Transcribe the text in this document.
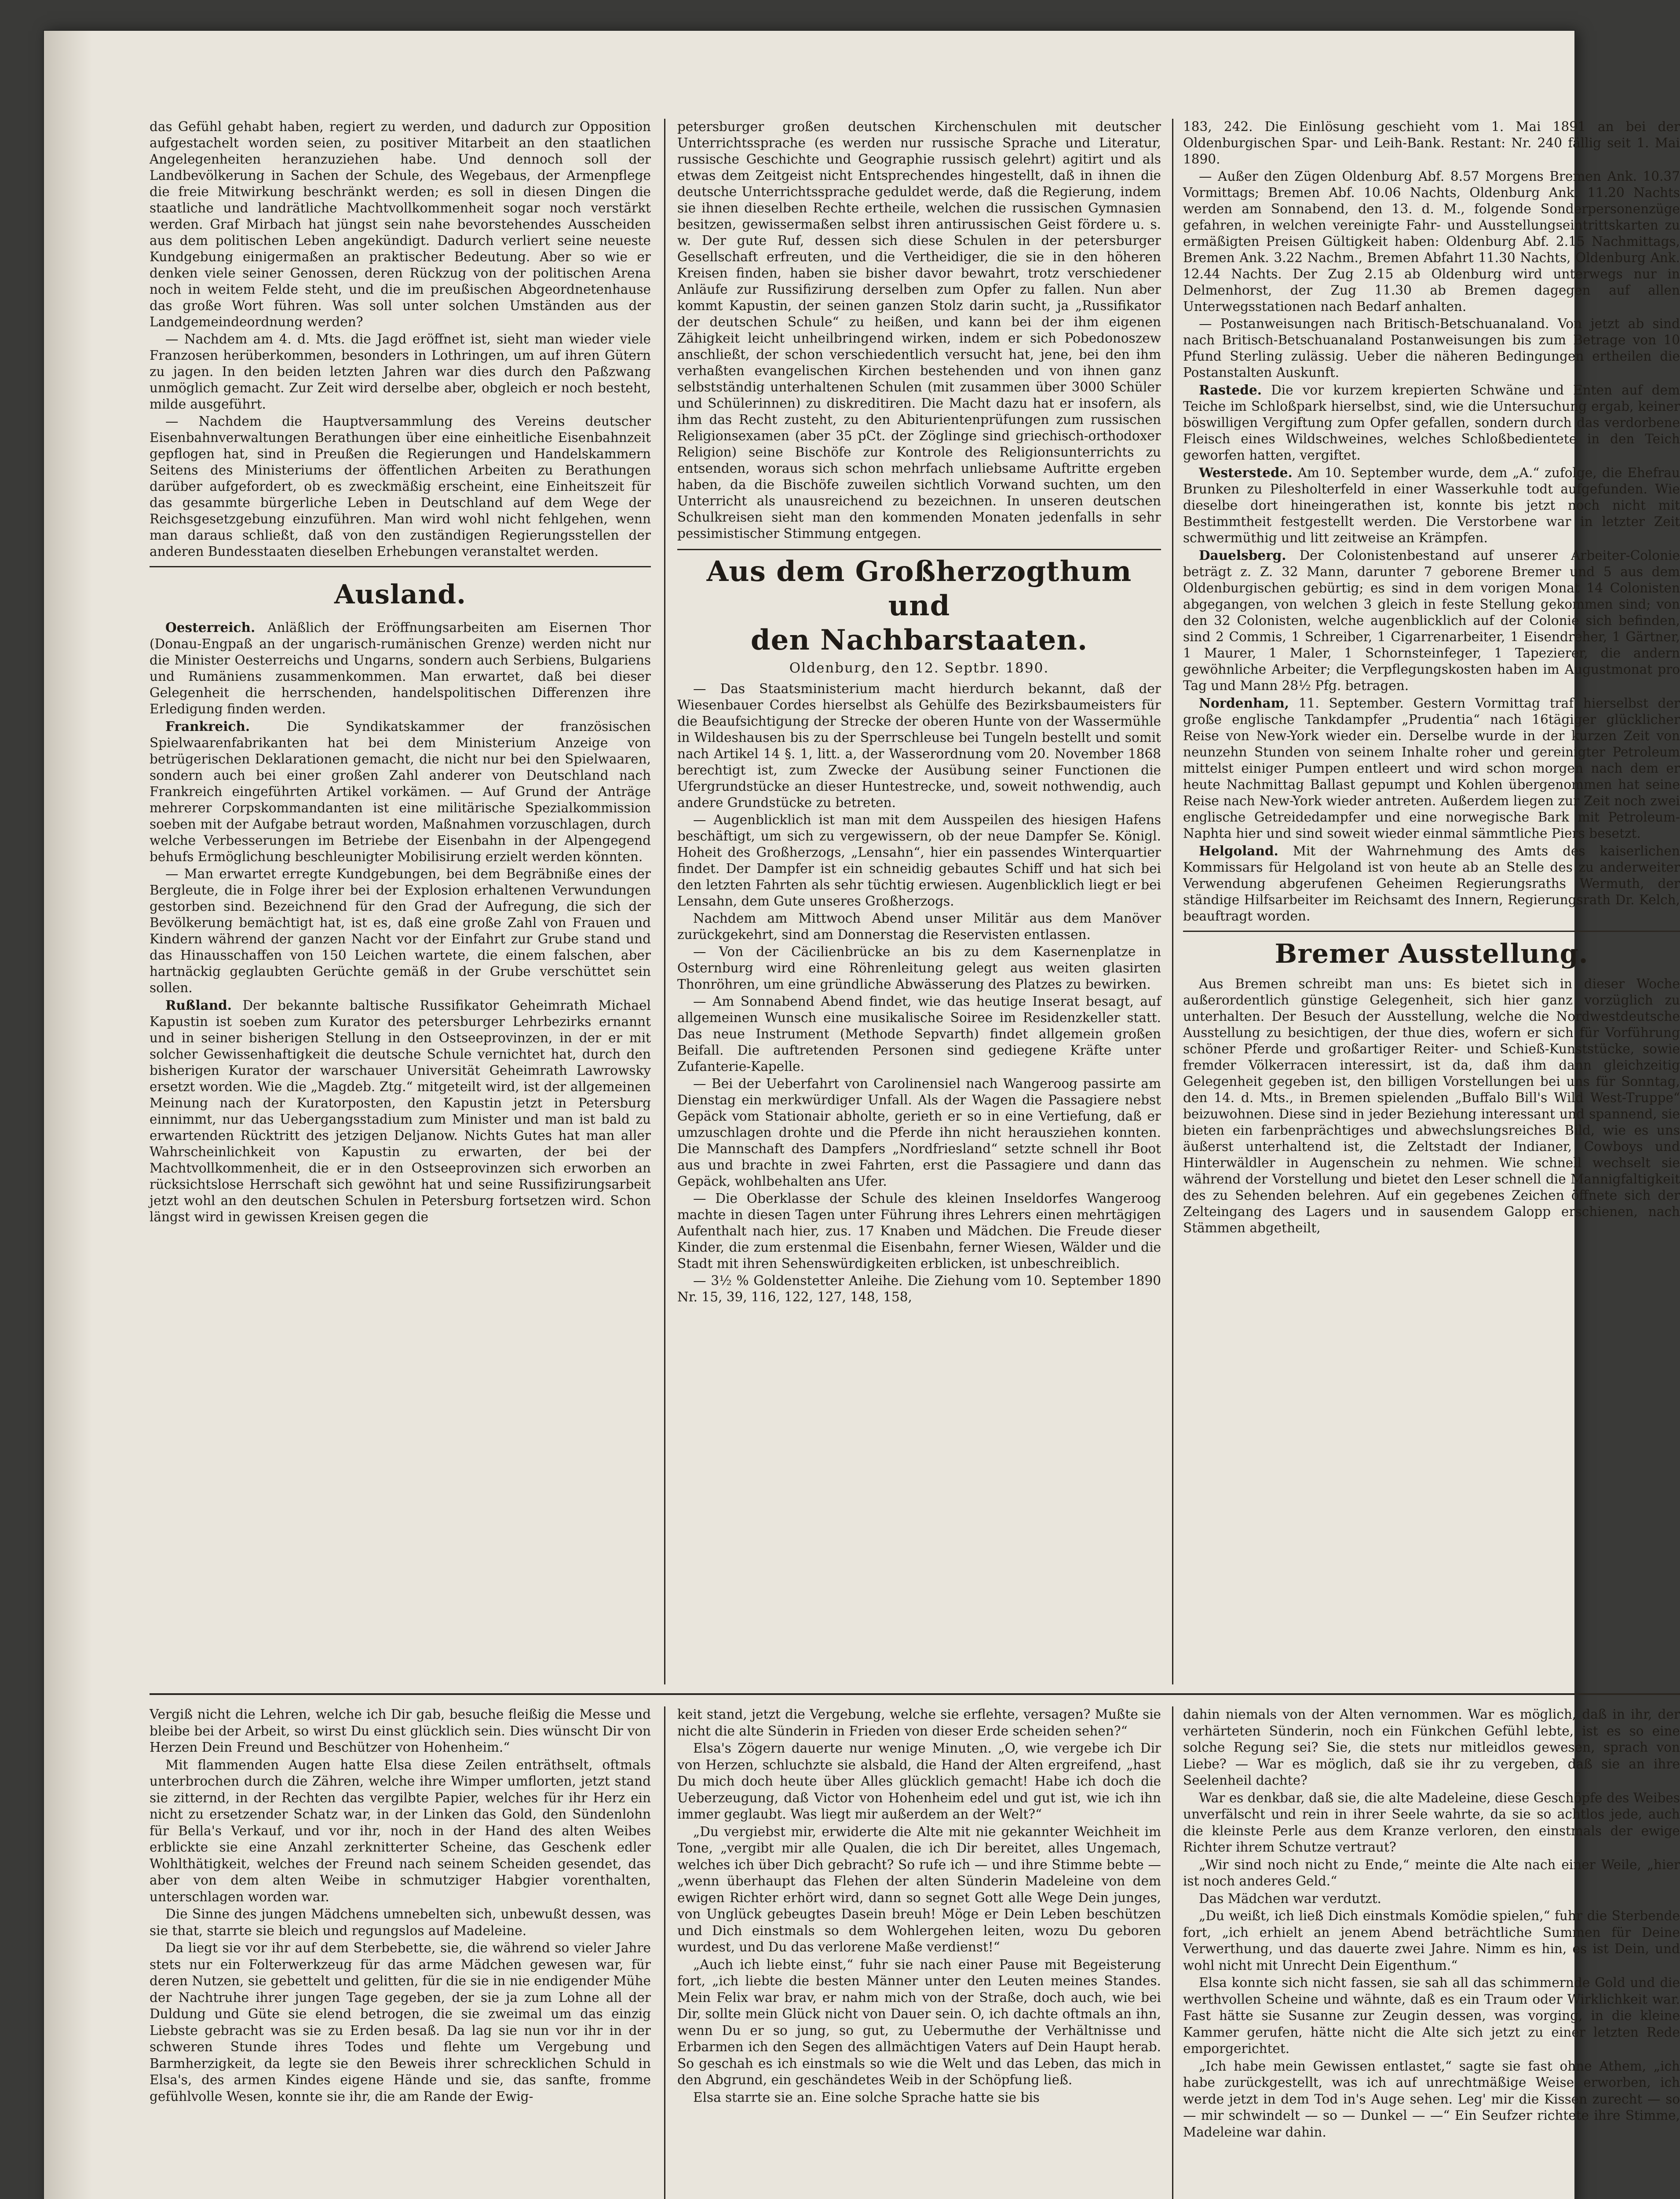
das Gefühl gehabt haben, regiert zu werden, und dadurch zur Opposition aufgestachelt worden seien, zu positiver Mitarbeit an den staatlichen Angelegenheiten heranzuziehen habe. Und dennoch soll der Landbevölkerung in Sachen der Schule, des Wegebaus, der Armenpflege die freie Mitwirkung beschränkt werden; es soll in diesen Dingen die staatliche und landrätliche Machtvollkommenheit sogar noch verstärkt werden. Graf Mirbach hat jüngst sein nahe bevorstehendes Ausscheiden aus dem politischen Leben angekündigt. Dadurch verliert seine neueste Kundgebung einigermaßen an praktischer Bedeutung. Aber so wie er denken viele seiner Genossen, deren Rückzug von der politischen Arena noch in weitem Felde steht, und die im preußischen Abgeordnetenhause das große Wort führen. Was soll unter solchen Umständen aus der Landgemeindeordnung werden?

— Nachdem am 4. d. Mts. die Jagd eröffnet ist, sieht man wieder viele Franzosen herüberkommen, besonders in Lothringen, um auf ihren Gütern zu jagen. In den beiden letzten Jahren war dies durch den Paßzwang unmöglich gemacht. Zur Zeit wird derselbe aber, obgleich er noch besteht, milde ausgeführt.

— Nachdem die Hauptversammlung des Vereins deutscher Eisenbahnverwaltungen Berathungen über eine einheitliche Eisenbahnzeit gepflogen hat, sind in Preußen die Regierungen und Handelskammern Seitens des Ministeriums der öffentlichen Arbeiten zu Berathungen darüber aufgefordert, ob es zweckmäßig erscheint, eine Einheitszeit für das gesammte bürgerliche Leben in Deutschland auf dem Wege der Reichsgesetzgebung einzuführen. Man wird wohl nicht fehlgehen, wenn man daraus schließt, daß von den zuständigen Regierungsstellen der anderen Bundesstaaten dieselben Erhebungen veranstaltet werden.

Ausland.

Oesterreich. Anläßlich der Eröffnungsarbeiten am Eisernen Thor (Donau-Engpaß an der ungarisch-rumänischen Grenze) werden nicht nur die Minister Oesterreichs und Ungarns, sondern auch Serbiens, Bulgariens und Rumäniens zusammenkommen. Man erwartet, daß bei dieser Gelegenheit die herrschenden, handelspolitischen Differenzen ihre Erledigung finden werden.

Frankreich.	Die Syndikatskammer der französischen Spielwaarenfabrikanten hat bei dem Ministerium Anzeige von betrügerischen Deklarationen gemacht, die nicht nur bei den Spielwaaren, sondern auch bei einer großen Zahl anderer von Deutschland nach Frankreich eingeführten Artikel vorkämen. — Auf Grund der Anträge mehrerer Corpskommandanten ist eine militärische Spezialkommission soeben mit der Aufgabe betraut worden, Maßnahmen vorzuschlagen, durch welche Verbesserungen im Betriebe der Eisenbahn in der Alpengegend behufs Ermöglichung beschleunigter Mobilisirung erzielt werden könnten.

— Man erwartet erregte Kundgebungen, bei dem Begräbniße eines der Bergleute, die in Folge ihrer bei der Explosion erhaltenen Verwundungen gestorben sind. Bezeichnend für den Grad der Aufregung, die sich der Bevölkerung bemächtigt hat, ist es, daß eine große Zahl von Frauen und Kindern während der ganzen Nacht vor der Einfahrt zur Grube stand und das Hinausschaffen von 150 Leichen wartete, die einem falschen, aber hartnäckig geglaubten Gerüchte gemäß in der Grube verschüttet sein sollen.

Rußland. Der bekannte baltische Russifikator Geheimrath Michael Kapustin ist soeben zum Kurator des petersburger Lehrbezirks ernannt und in seiner bisherigen Stellung in den Ostseeprovinzen, in der er mit solcher Gewissenhaftigkeit die deutsche Schule vernichtet hat, durch den bisherigen Kurator der warschauer Universität Geheimrath Lawrowsky ersetzt worden. Wie die „Magdeb. Ztg.“ mitgeteilt wird, ist der allgemeinen Meinung nach der Kuratorposten, den Kapustin jetzt in Petersburg einnimmt, nur das Uebergangsstadium zum Minister und man ist bald zu erwartenden Rücktritt des jetzigen Deljanow. Nichts Gutes hat man aller Wahrscheinlichkeit von Kapustin zu erwarten, der bei der Machtvollkommenheit, die er in den Ostseeprovinzen sich erworben an rücksichtslose Herrschaft sich gewöhnt hat und seine Russifizirungsarbeit jetzt wohl an den deutschen Schulen in Petersburg fortsetzen wird. Schon längst wird in gewissen Kreisen gegen die

petersburger großen deutschen Kirchenschulen mit deutscher Unterrichtssprache (es werden nur russische Sprache und Literatur, russische Geschichte und Geographie russisch gelehrt) agitirt und als etwas dem Zeitgeist nicht Entsprechendes hingestellt, daß in ihnen die deutsche Unterrichtssprache geduldet werde, daß die Regierung, indem sie ihnen dieselben Rechte ertheile, welchen die russischen Gymnasien besitzen, gewissermaßen selbst ihren antirussischen Geist fördere u. s. w. Der gute Ruf, dessen sich diese Schulen in der petersburger Gesellschaft erfreuten, und die Vertheidiger, die sie in den höheren Kreisen finden, haben sie bisher davor bewahrt, trotz verschiedener Anläufe zur Russifizirung derselben zum Opfer zu fallen. Nun aber kommt Kapustin, der seinen ganzen Stolz darin sucht, ja „Russifikator der deutschen Schule“ zu heißen, und kann bei der ihm eigenen Zähigkeit leicht unheilbringend wirken, indem er sich Pobedonoszew anschließt, der schon verschiedentlich versucht hat, jene, bei den ihm verhaßten evangelischen Kirchen bestehenden und von ihnen ganz selbstständig unterhaltenen Schulen (mit zusammen über 3000 Schüler und Schülerinnen) zu diskreditiren. Die Macht dazu hat er insofern, als ihm das Recht zusteht, zu den Abiturientenprüfungen zum russischen Religionsexamen (aber 35 pCt. der Zöglinge sind griechisch-orthodoxer Religion) seine Bischöfe zur Kontrole des Religionsunterrichts zu entsenden, woraus sich schon mehrfach unliebsame Auftritte ergeben haben, da die Bischöfe zuweilen sichtlich Vorwand suchten, um den Unterricht als unausreichend zu bezeichnen. In unseren deutschen Schulkreisen sieht man den kommenden Monaten jedenfalls in sehr pessimistischer Stimmung entgegen.

Aus dem Großherzogthum und
den Nachbarstaaten.
Oldenburg, den 12. Septbr. 1890.

— Das Staatsministerium macht hierdurch bekannt, daß der Wiesenbauer Cordes hierselbst als Gehülfe des Bezirksbaumeisters für die Beaufsichtigung der Strecke der oberen Hunte von der Wassermühle in Wildeshausen bis zu der Sperrschleuse bei Tungeln bestellt und somit nach Artikel 14 §. 1, litt. a, der Wasserordnung vom 20. November 1868 berechtigt ist, zum Zwecke der Ausübung seiner Functionen die Ufergrundstücke an dieser Huntestrecke, und, soweit nothwendig, auch andere Grundstücke zu betreten.

— Augenblicklich ist man mit dem Ausspeilen des hiesigen Hafens beschäftigt, um sich zu vergewissern, ob der neue Dampfer Se. Königl. Hoheit des Großherzogs, „Lensahn“, hier ein passendes Winterquartier findet. Der Dampfer ist ein schneidig gebautes Schiff und hat sich bei den letzten Fahrten als sehr tüchtig erwiesen. Augenblicklich liegt er bei Lensahn, dem Gute unseres Großherzogs.

Nachdem am Mittwoch Abend unser Militär aus dem Manöver zurückgekehrt, sind am Donnerstag die Reservisten entlassen.

— Von der Cäcilienbrücke an bis zu dem Kasernenplatze in Osternburg wird eine Röhrenleitung gelegt aus weiten glasirten Thonröhren, um eine gründliche Abwässerung des Platzes zu bewirken.

— Am Sonnabend Abend findet, wie das heutige Inserat besagt, auf allgemeinen Wunsch eine musikalische Soiree im Residenzkeller statt. Das neue Instrument (Methode Sepvarth) findet allgemein großen Beifall. Die auftretenden Personen sind gediegene Kräfte unter Zufanterie-Kapelle.

— Bei der Ueberfahrt von Carolinensiel nach Wangeroog passirte am Dienstag ein merkwürdiger Unfall. Als der Wagen die Passagiere nebst Gepäck vom Stationair abholte, gerieth er so in eine Vertiefung, daß er umzuschlagen drohte und die Pferde ihn nicht herausziehen konnten. Die Mannschaft des Dampfers „Nordfriesland“ setzte schnell ihr Boot aus und brachte in zwei Fahrten, erst die Passagiere und dann das Gepäck, wohlbehalten ans Ufer.

— Die Oberklasse der Schule des kleinen Inseldorfes Wangeroog machte in diesen Tagen unter Führung ihres Lehrers einen mehrtägigen Aufenthalt nach hier, zus. 17 Knaben und Mädchen. Die Freude dieser Kinder, die zum erstenmal die Eisenbahn, ferner Wiesen, Wälder und die Stadt mit ihren Sehenswürdigkeiten erblicken, ist unbeschreiblich.

— 3½ % Goldenstetter Anleihe. Die Ziehung vom 10. September 1890 Nr. 15, 39, 116, 122, 127, 148, 158,

183, 242. Die Einlösung geschieht vom 1. Mai 1891 an bei der Oldenburgischen Spar- und Leih-Bank. Restant: Nr. 240 fällig seit 1. Mai 1890.

— Außer den Zügen Oldenburg Abf. 8.57 Morgens Bremen Ank. 10.37 Vormittags; Bremen Abf. 10.06 Nachts, Oldenburg Ank. 11.20 Nachts werden am Sonnabend, den 13. d. M., folgende Sonderpersonenzüge gefahren, in welchen vereinigte Fahr- und Ausstellungseintrittskarten zu ermäßigten Preisen Gültigkeit haben: Oldenburg Abf. 2.15 Nachmittags, Bremen Ank. 3.22 Nachm., Bremen Abfahrt 11.30 Nachts, Oldenburg Ank. 12.44 Nachts. Der Zug 2.15 ab Oldenburg wird unterwegs nur in Delmenhorst, der Zug 11.30 ab Bremen dagegen auf allen Unterwegsstationen nach Bedarf anhalten.

— Postanweisungen nach Britisch-Betschuanaland. Von jetzt ab sind nach Britisch-Betschuanaland Postanweisungen bis zum Betrage von 10 Pfund Sterling zulässig. Ueber die näheren Bedingungen ertheilen die Postanstalten Auskunft.

Rastede. Die vor kurzem krepierten Schwäne und Enten auf dem Teiche im Schloßpark hierselbst, sind, wie die Untersuchung ergab, keiner böswilligen Vergiftung zum Opfer gefallen, sondern durch das verdorbene Fleisch eines Wildschweines, welches Schloßbedientete in den Teich geworfen hatten, vergiftet.

Westerstede. Am 10. September wurde, dem „A.“ zufolge, die Ehefrau Brunken zu Pilesholterfeld in einer Wasserkuhle todt aufgefunden. Wie dieselbe dort hineingerathen ist, konnte bis jetzt noch nicht mit Bestimmtheit festgestellt werden. Die Verstorbene war in letzter Zeit schwermüthig und litt zeitweise an Krämpfen.

Dauelsberg. Der Colonistenbestand auf unserer Arbeiter-Colonie beträgt z. Z. 32 Mann, darunter 7 geborene Bremer und 5 aus dem Oldenburgischen gebürtig; es sind in dem vorigen Monat 14 Colonisten abgegangen, von welchen 3 gleich in feste Stellung gekommen sind; von den 32 Colonisten, welche augenblicklich auf der Colonie sich befinden, sind 2 Commis, 1 Schreiber, 1 Cigarrenarbeiter, 1 Eisendreher, 1 Gärtner, 1 Maurer, 1 Maler, 1 Schornsteinfeger, 1 Tapezierer, die andern gewöhnliche Arbeiter; die Verpflegungskosten haben im Augustmonat pro Tag und Mann 28½ Pfg. betragen.

Nordenham, 11. September. Gestern Vormittag traf hierselbst der große englische Tankdampfer „Prudentia“ nach 16tägiger glücklicher Reise von New-York wieder ein. Derselbe wurde in der kurzen Zeit von neunzehn Stunden von seinem Inhalte roher und gereinigter Petroleum mittelst einiger Pumpen entleert und wird schon morgen nach dem er heute Nachmittag Ballast gepumpt und Kohlen übergenommen hat seine Reise nach New-York wieder antreten. Außerdem liegen zur Zeit noch zwei englische Getreidedampfer und eine norwegische Bark mit Petroleum-Naphta hier und sind soweit wieder einmal sämmtliche Piers besetzt.

Helgoland. Mit der Wahrnehmung des Amts des kaiserlichen Kommissars für Helgoland ist von heute ab an Stelle des zu anderweiter Verwendung abgerufenen Geheimen Regierungsraths Wermuth, der ständige Hilfsarbeiter im Reichsamt des Innern, Regierungsrath Dr. Kelch, beauftragt worden.

Bremer Ausstellung.

Aus Bremen schreibt man uns: Es bietet sich in dieser Woche außerordentlich günstige Gelegenheit, sich hier ganz vorzüglich zu unterhalten. Der Besuch der Ausstellung, welche die Nordwestdeutsche Ausstellung zu besichtigen, der thue dies, wofern er sich für Vorführung schöner Pferde und großartiger Reiter- und Schieß-Kunststücke, sowie fremder Völkerracen interessirt, ist da, daß ihm dann gleichzeitig Gelegenheit gegeben ist, den billigen Vorstellungen bei uns für Sonntag, den 14. d. Mts., in Bremen spielenden „Buffalo Bill's Wild West-Truppe“ beizuwohnen. Diese sind in jeder Beziehung interessant und spannend, sie bieten ein farbenprächtiges und abwechslungsreiches Bild, wie es uns äußerst unterhaltend ist, die Zeltstadt der Indianer, Cowboys und Hinterwäldler in Augenschein zu nehmen. Wie schnell wechselt sie während der Vorstellung und bietet den Leser schnell die Mannigfaltigkeit des zu Sehenden belehren. Auf ein gegebenes Zeichen öffnete sich der Zelteingang des Lagers und in sausendem Galopp erschienen, nach Stämmen abgetheilt,

Vergiß nicht die Lehren, welche ich Dir gab, besuche fleißig die Messe und bleibe bei der Arbeit, so wirst Du einst glücklich sein. Dies wünscht Dir von Herzen Dein Freund und Beschützer von Hohenheim.“

Mit flammenden Augen hatte Elsa diese Zeilen enträthselt, oftmals unterbrochen durch die Zähren, welche ihre Wimper umflorten, jetzt stand sie zitternd, in der Rechten das vergilbte Papier, welches für ihr Herz ein nicht zu ersetzender Schatz war, in der Linken das Gold, den Sündenlohn für Bella's Verkauf, und vor ihr, noch in der Hand des alten Weibes erblickte sie eine Anzahl zerknitterter Scheine, das Geschenk edler Wohlthätigkeit, welches der Freund nach seinem Scheiden gesendet, das aber von dem alten Weibe in schmutziger Habgier vorenthalten, unterschlagen worden war.

Die Sinne des jungen Mädchens umnebelten sich, unbewußt dessen, was sie that, starrte sie bleich und regungslos auf Madeleine.

Da liegt sie vor ihr auf dem Sterbebette, sie, die während so vieler Jahre stets nur ein Folterwerkzeug für das arme Mädchen gewesen war, für deren Nutzen, sie gebettelt und gelitten, für die sie in nie endigender Mühe der Nachtruhe ihrer jungen Tage gegeben, der sie ja zum Lohne all der Duldung und Güte sie elend betrogen, die sie zweimal um das einzig Liebste gebracht was sie zu Erden besaß. Da lag sie nun vor ihr in der schweren Stunde ihres Todes und flehte um Vergebung und Barmherzigkeit, da legte sie den Beweis ihrer schrecklichen Schuld in Elsa's, des armen Kindes eigene Hände und sie, das sanfte, fromme gefühlvolle Wesen, konnte sie ihr, die am Rande der Ewig-

keit stand, jetzt die Vergebung, welche sie erflehte, versagen? Mußte sie nicht die alte Sünderin in Frieden von dieser Erde scheiden sehen?“

Elsa's Zögern dauerte nur wenige Minuten. „O, wie vergebe ich Dir von Herzen, schluchzte sie alsbald, die Hand der Alten ergreifend, „hast Du mich doch heute über Alles glücklich gemacht! Habe ich doch die Ueberzeugung, daß Victor von Hohenheim edel und gut ist, wie ich ihn immer geglaubt. Was liegt mir außerdem an der Welt?“

„Du vergiebst mir, erwiderte die Alte mit nie gekannter Weichheit im Tone, „vergibt mir alle Qualen, die ich Dir bereitet, alles Ungemach, welches ich über Dich gebracht? So rufe ich — und ihre Stimme bebte — „wenn überhaupt das Flehen der alten Sünderin Madeleine von dem ewigen Richter erhört wird, dann so segnet Gott alle Wege Dein junges, von Unglück gebeugtes Dasein breuh! Möge er Dein Leben beschützen und Dich einstmals so dem Wohlergehen leiten, wozu Du geboren wurdest, und Du das verlorene Maße verdienst!“

„Auch ich liebte einst,“ fuhr sie nach einer Pause mit Begeisterung fort, „ich liebte die besten Männer unter den Leuten meines Standes. Mein Felix war brav, er nahm mich von der Straße, doch auch, wie bei Dir, sollte mein Glück nicht von Dauer sein. O, ich dachte oftmals an ihn, wenn Du er so jung, so gut, zu Uebermuthe der Verhältnisse und Erbarmen ich den Segen des allmächtigen Vaters auf Dein Haupt herab. So geschah es ich einstmals so wie die Welt und das Leben, das mich in den Abgrund, ein geschändetes Weib in der Schöpfung ließ.

Elsa starrte sie an. Eine solche Sprache hatte sie bis

dahin niemals von der Alten vernommen. War es möglich, daß in ihr, der verhärteten Sünderin, noch ein Fünkchen Gefühl lebte, ist es so eine solche Regung sei? Sie, die stets nur mitleidlos gewesen, sprach von Liebe? — War es möglich, daß sie ihr zu vergeben, daß sie an ihre Seelenheil dachte?

War es denkbar, daß sie, die alte Madeleine, diese Geschöpfe des Weibes unverfälscht und rein in ihrer Seele wahrte, da sie so achtlos jede, auch die kleinste Perle aus dem Kranze verloren, den einstmals der ewige Richter ihrem Schutze vertraut?

„Wir sind noch nicht zu Ende,“ meinte die Alte nach einer Weile, „hier ist noch anderes Geld.“

Das Mädchen war verdutzt.

„Du weißt, ich ließ Dich einstmals Komödie spielen,“ fuhr die Sterbende fort, „ich erhielt an jenem Abend beträchtliche Summen für Deine Verwerthung, und das dauerte zwei Jahre. Nimm es hin, es ist Dein, und wohl nicht mit Unrecht Dein Eigenthum.“

Elsa konnte sich nicht fassen, sie sah all das schimmernde Gold und die werthvollen Scheine und wähnte, daß es ein Traum oder Wirklichkeit war. Fast hätte sie Susanne zur Zeugin dessen, was vorging, in die kleine Kammer gerufen, hätte nicht die Alte sich jetzt zu einer letzten Rede emporgerichtet.

„Ich habe mein Gewissen entlastet,“ sagte sie fast ohne Athem, „ich habe zurückgestellt, was ich auf unrechtmäßige Weise erworben, ich werde jetzt in dem Tod in's Auge sehen. Leg' mir die Kissen zurecht — so — mir schwindelt — so — Dunkel — —“ Ein Seufzer richtete ihre Stimme, Madeleine war dahin.
